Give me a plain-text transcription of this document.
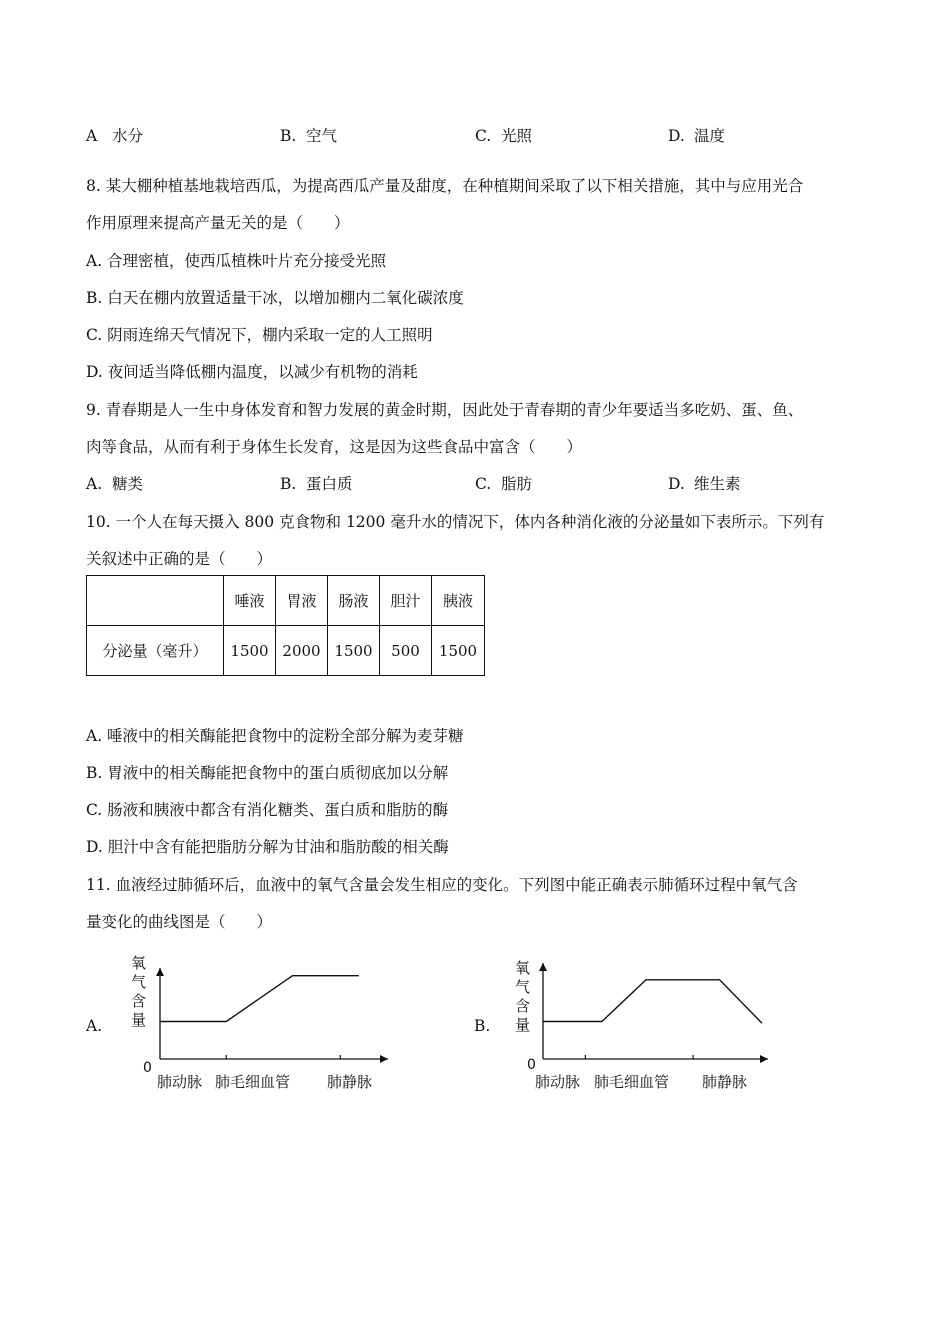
A 水分	B. 空气	C. 光照	D. 温度
8. 某大棚种植基地栽培西瓜，为提高西瓜产量及甜度，在种植期间采取了以下相关措施，其中与应用光合
作用原理来提高产量无关的是（　　）
A. 合理密植，使西瓜植株叶片充分接受光照
B. 白天在棚内放置适量干冰，以增加棚内二氧化碳浓度
C. 阴雨连绵天气情况下，棚内采取一定的人工照明
D. 夜间适当降低棚内温度，以减少有机物的消耗
9. 青春期是人一生中身体发育和智力发展的黄金时期，因此处于青春期的青少年要适当多吃奶、蛋、鱼、
肉等食品，从而有利于身体生长发育，这是因为这些食品中富含（　　）
A. 糖类	B. 蛋白质	C. 脂肪	D. 维生素
10. 一个人在每天摄入 800 克食物和 1200 毫升水的情况下，体内各种消化液的分泌量如下表所示。下列有
关叙述中正确的是（　　）
	唾液	胃液	肠液	胆汁	胰液
分泌量（毫升）	1500	2000	1500	500	1500
A. 唾液中的相关酶能把食物中的淀粉全部分解为麦芽糖
B. 胃液中的相关酶能把食物中的蛋白质彻底加以分解
C. 肠液和胰液中都含有消化糖类、蛋白质和脂肪的酶
D. 胆汁中含有能把脂肪分解为甘油和脂肪酸的相关酶
11. 血液经过肺循环后，血液中的氧气含量会发生相应的变化。下列图中能正确表示肺循环过程中氧气含
量变化的曲线图是（　　）
A. 氧气含量
0
肺动脉 肺毛细血管 肺静脉
B. 氧气含量
0
肺动脉 肺毛细血管 肺静脉
